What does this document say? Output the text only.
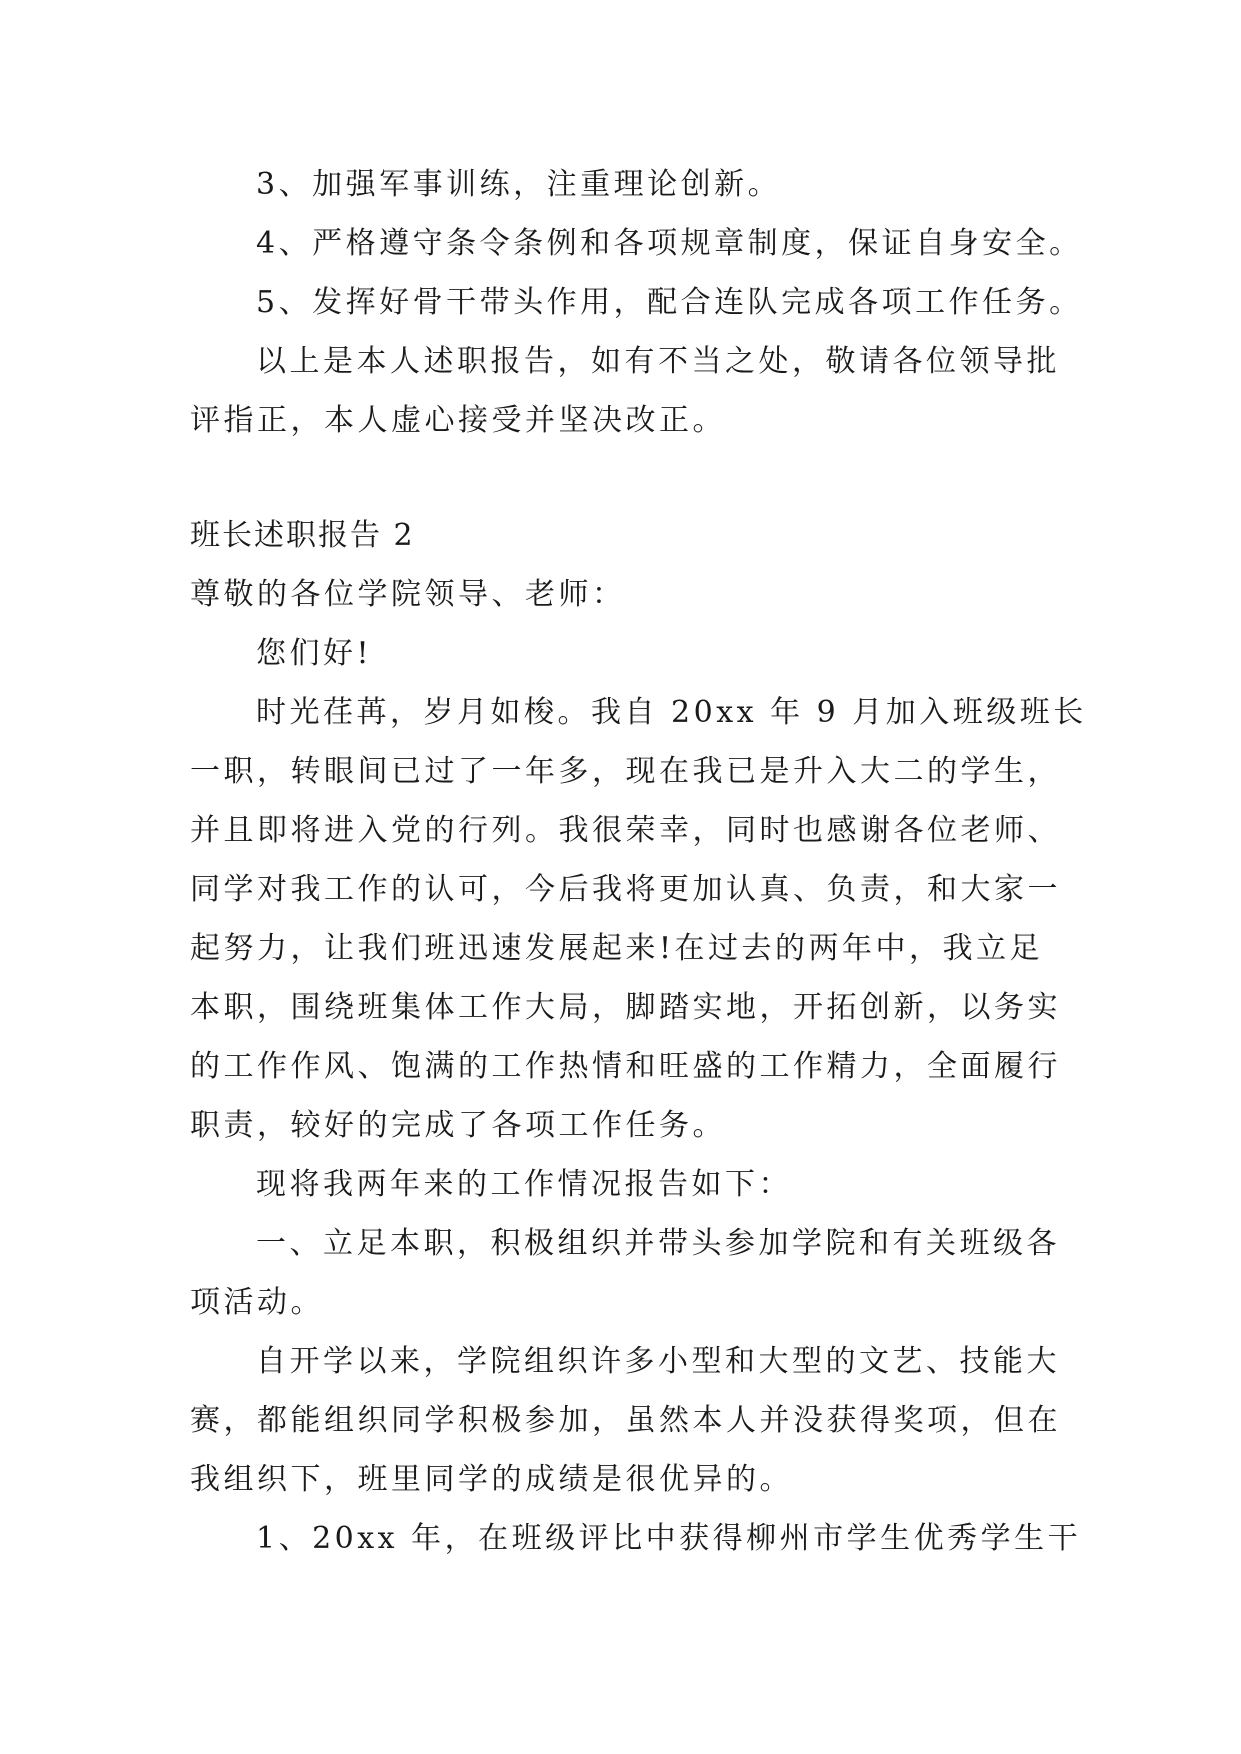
3、加强军事训练，注重理论创新。

4、严格遵守条令条例和各项规章制度，保证自身安全。

5、发挥好骨干带头作用，配合连队完成各项工作任务。

以上是本人述职报告，如有不当之处，敬请各位领导批

评指正，本人虚心接受并坚决改正。

班长述职报告 2

尊敬的各位学院领导、老师：

您们好!

时光荏苒，岁月如梭。我自 20xx 年 9 月加入班级班长

一职，转眼间已过了一年多，现在我已是升入大二的学生，

并且即将进入党的行列。我很荣幸，同时也感谢各位老师、

同学对我工作的认可，今后我将更加认真、负责，和大家一

起努力，让我们班迅速发展起来!在过去的两年中，我立足

本职，围绕班集体工作大局，脚踏实地，开拓创新，以务实

的工作作风、饱满的工作热情和旺盛的工作精力，全面履行

职责，较好的完成了各项工作任务。

现将我两年来的工作情况报告如下：

一、立足本职，积极组织并带头参加学院和有关班级各

项活动。

自开学以来，学院组织许多小型和大型的文艺、技能大

赛，都能组织同学积极参加，虽然本人并没获得奖项，但在

我组织下，班里同学的成绩是很优异的。

1、20xx 年，在班级评比中获得柳州市学生优秀学生干
